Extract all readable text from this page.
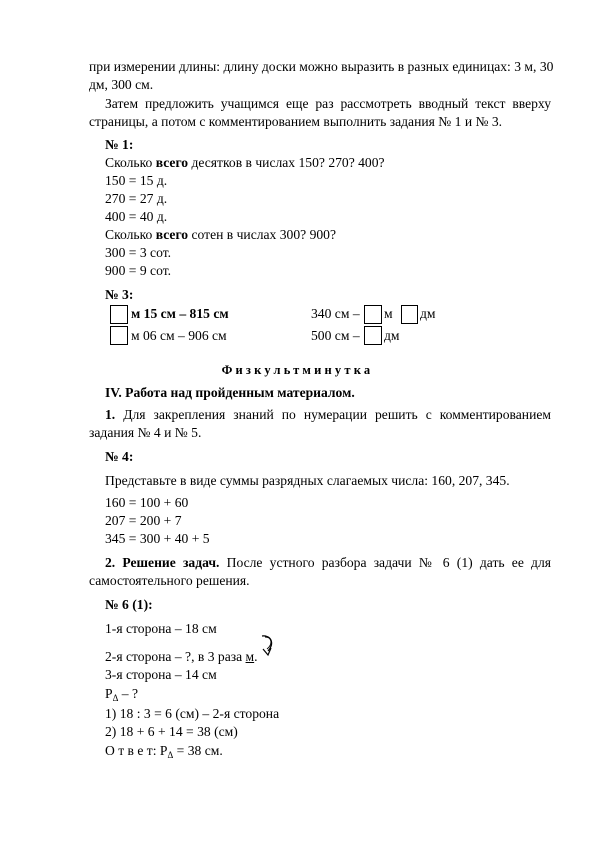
при измерении длины: длину доски можно выразить в разных единицах: 3 м, 30
дм, 300 см.
Затем предложить учащимся еще раз рассмотреть вводный текст вверху
страницы, а потом с комментированием выполнить задания № 1 и № 3.
№ 1:
Сколько всего десятков в числах 150? 270? 400?
150 = 15 д.
270 = 27 д.
400 = 40 д.
Сколько всего сотен в числах 300? 900?
300 = 3 сот.
900 = 9 сот.
№ 3:
м 15 см – 815 см	340 см – м дм
м 06 см – 906 см	500 см – дм
Физкультминутка
IV. Работа над пройденным материалом.
1. Для закрепления знаний по нумерации решить с комментированием
задания № 4 и № 5.
№ 4:
Представьте в виде суммы разрядных слагаемых числа: 160, 207, 345.
160 = 100 + 60
207 = 200 + 7
345 = 300 + 40 + 5
2. Решение задач. После устного разбора задачи № 6 (1) дать ее для
самостоятельного решения.
№ 6 (1):
1-я сторона – 18 см
2-я сторона – ?, в 3 раза м.
3-я сторона – 14 см
$P_\Delta$ – ?
1) 18 : 3 = 6 (см) – 2-я сторона
2) 18 + 6 + 14 = 38 (см)
О т в е т: $P_\Delta = 38$ см.
